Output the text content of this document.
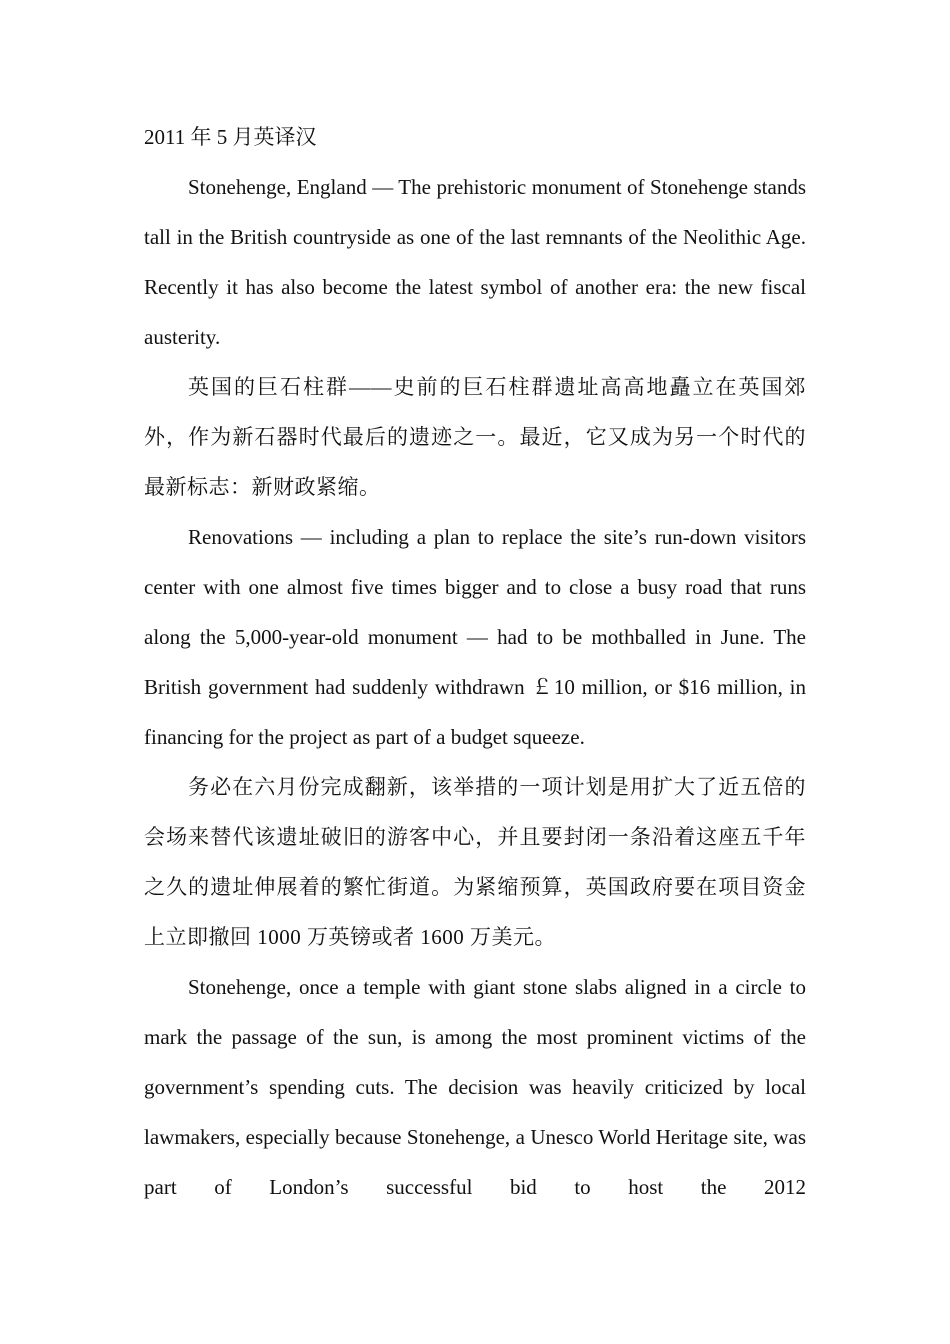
2011 年 5 月英译汉

Stonehenge, England — The prehistoric monument of Stonehenge stands tall in the British countryside as one of the last remnants of the Neolithic Age. Recently it has also become the latest symbol of another era: the new fiscal austerity.

英国的巨石柱群——史前的巨石柱群遗址高高地矗立在英国郊外，作为新石器时代最后的遗迹之一。最近，它又成为另一个时代的最新标志：新财政紧缩。

Renovations — including a plan to replace the site’s run-down visitors center with one almost five times bigger and to close a busy road that runs along the 5,000-year-old monument — had to be mothballed in June. The British government had suddenly withdrawn ￡10 million, or $16 million, in financing for the project as part of a budget squeeze.

务必在六月份完成翻新，该举措的一项计划是用扩大了近五倍的会场来替代该遗址破旧的游客中心，并且要封闭一条沿着这座五千年之久的遗址伸展着的繁忙街道。为紧缩预算，英国政府要在项目资金上立即撤回 1000 万英镑或者 1600 万美元。

Stonehenge, once a temple with giant stone slabs aligned in a circle to mark the passage of the sun, is among the most prominent victims of the government’s spending cuts. The decision was heavily criticized by local lawmakers, especially because Stonehenge, a Unesco World Heritage site, was part of London’s successful bid to host the 2012
